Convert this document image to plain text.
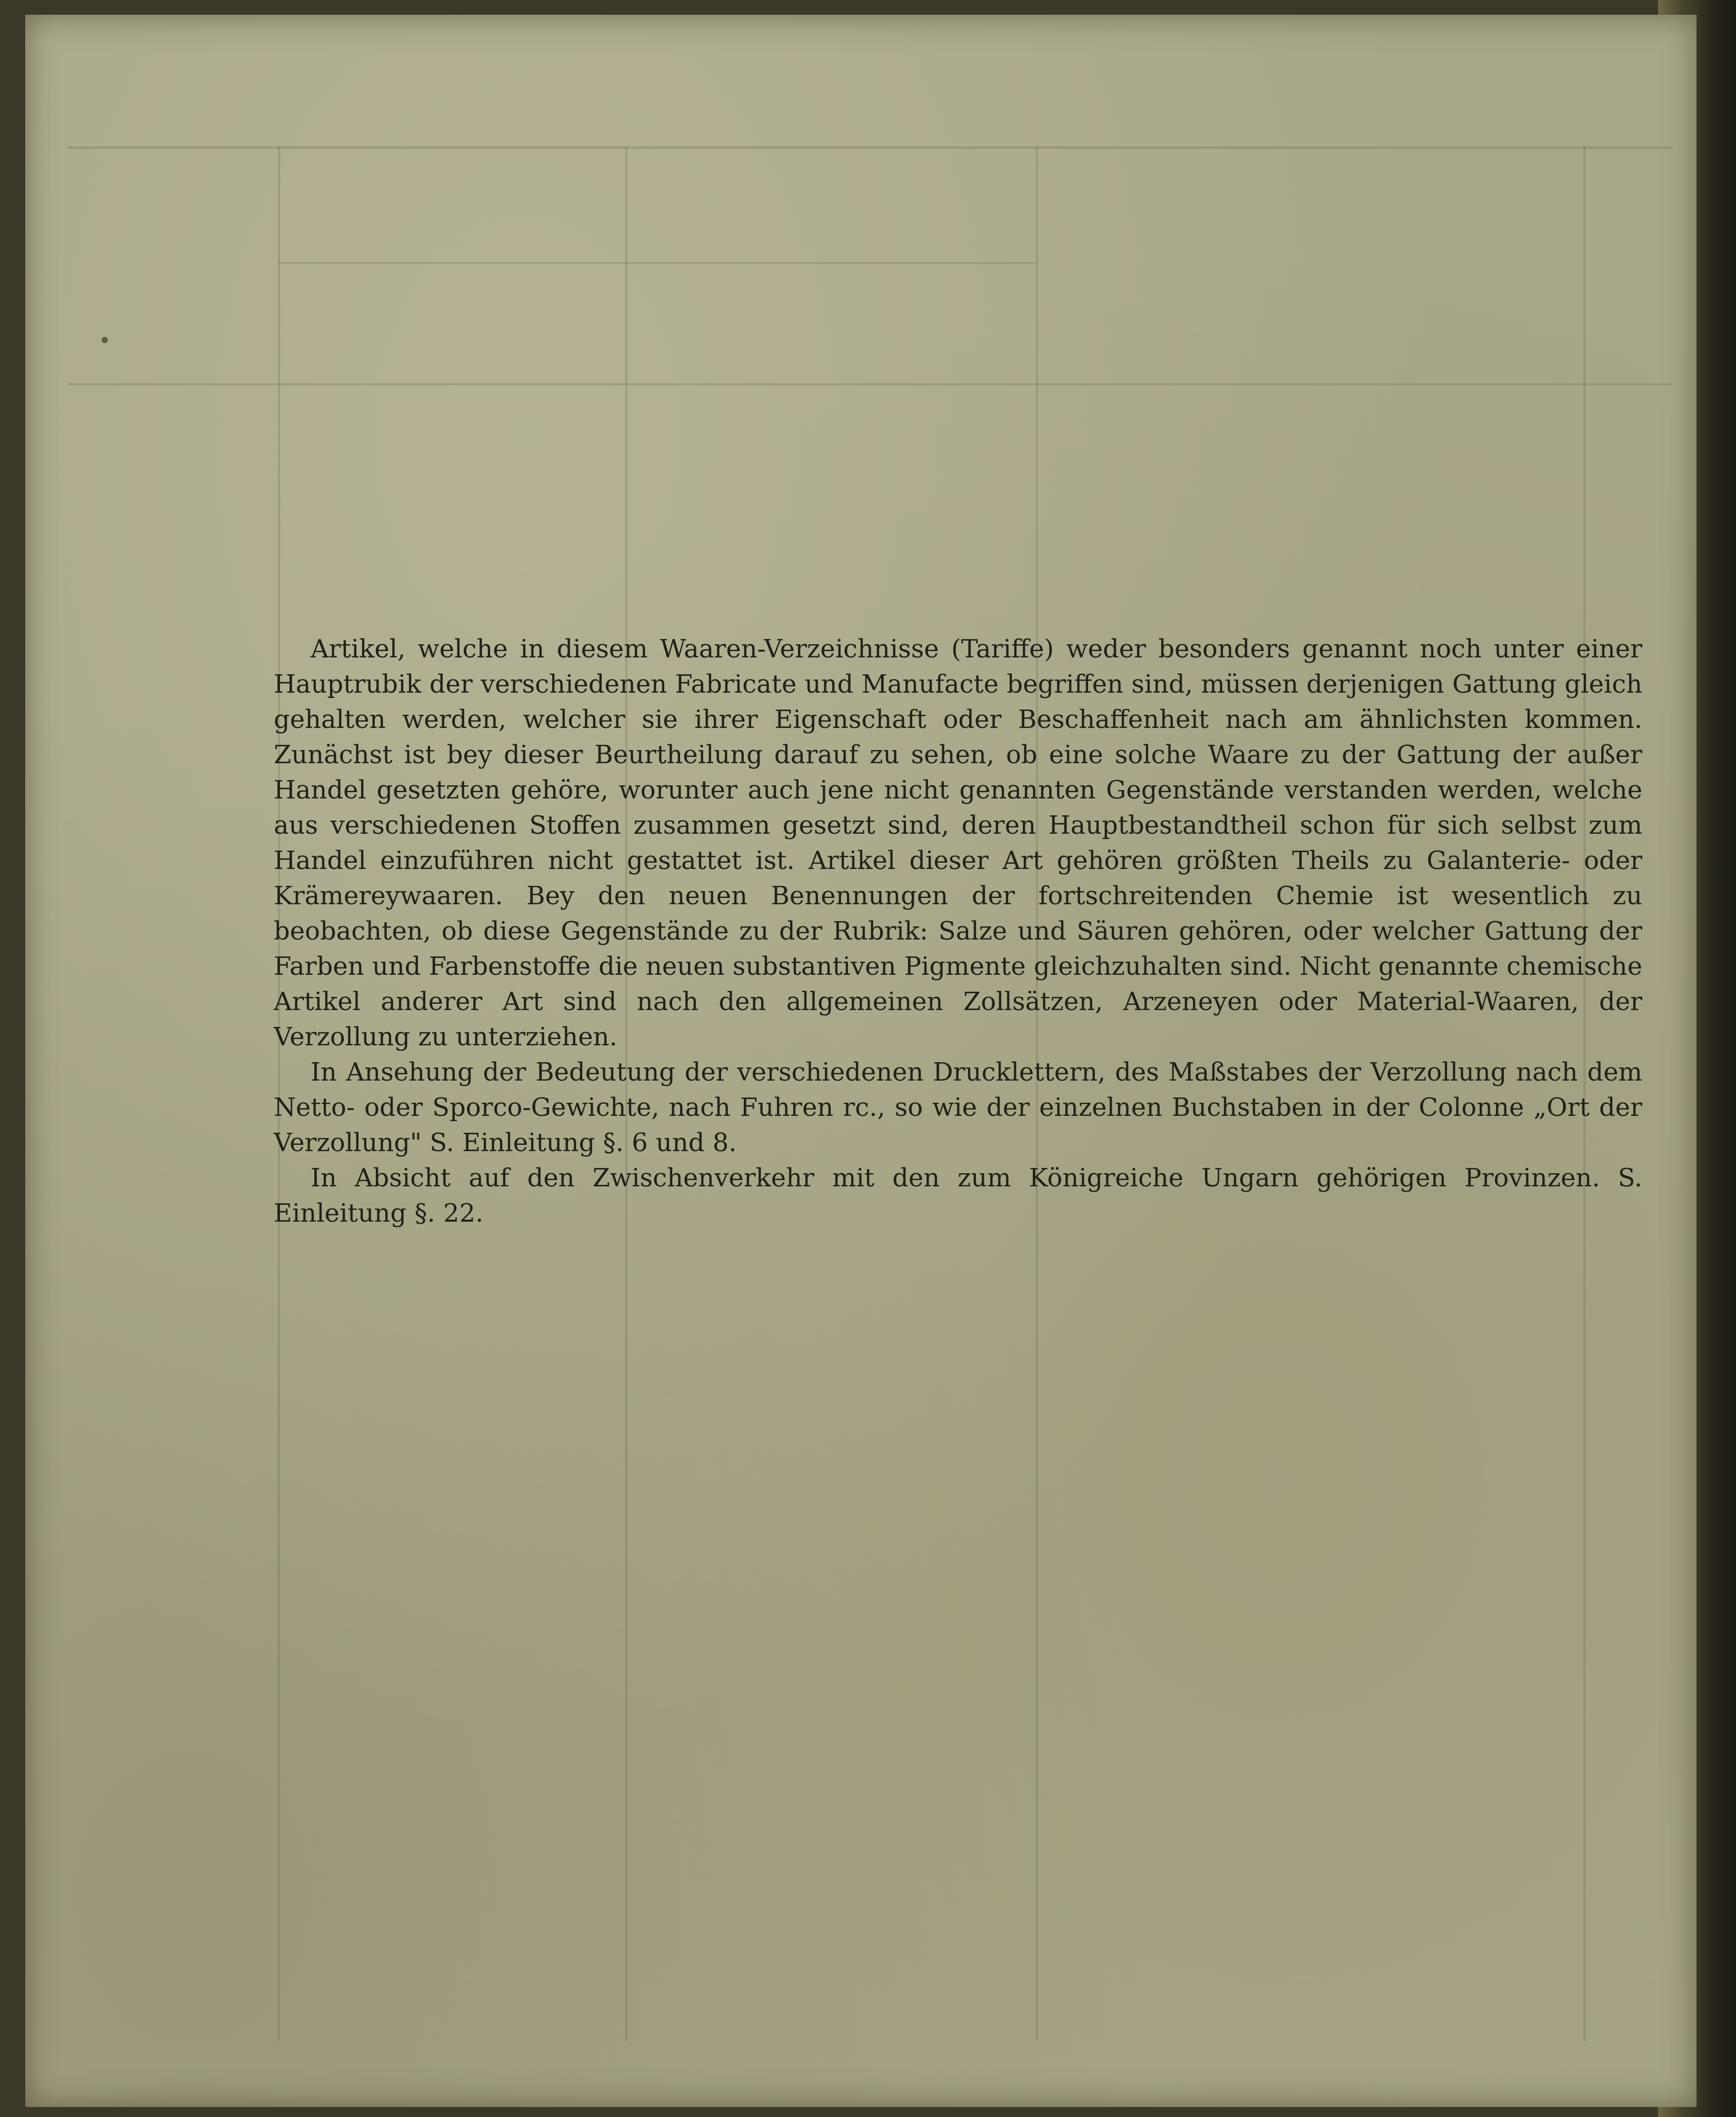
Artikel, welche in diesem Waaren-Verzeichnisse (Tariffe) weder besonders genannt noch unter einer Hauptrubik der verschiedenen Fabricate und Manufacte begriffen sind, müssen derjenigen Gattung gleich gehalten werden, welcher sie ihrer Eigenschaft oder Beschaffenheit nach am ähnlichsten kommen. Zunächst ist bey dieser Beurtheilung darauf zu sehen, ob eine solche Waare zu der Gattung der außer Handel gesetzten gehöre, worunter auch jene nicht genannten Gegenstände verstanden werden, welche aus verschiedenen Stoffen zusammen gesetzt sind, deren Hauptbestandtheil schon für sich selbst zum Handel einzuführen nicht gestattet ist. Artikel dieser Art gehören größten Theils zu Galanterie- oder Krämereywaaren. Bey den neuen Benennungen der fortschreitenden Chemie ist wesentlich zu beobachten, ob diese Gegenstände zu der Rubrik: Salze und Säuren gehören, oder welcher Gattung der Farben und Farbenstoffe die neuen substantiven Pigmente gleichzuhalten sind. Nicht genannte chemische Artikel anderer Art sind nach den allgemeinen Zollsätzen, Arzeneyen oder Material-Waaren, der Verzollung zu unterziehen.

In Ansehung der Bedeutung der verschiedenen Drucklettern, des Maßstabes der Verzollung nach dem Netto- oder Sporco-Gewichte, nach Fuhren rc., so wie der einzelnen Buchstaben in der Colonne „Ort der Verzollung" S. Einleitung §. 6 und 8.

In Absicht auf den Zwischenverkehr mit den zum Königreiche Ungarn gehörigen Provinzen. S. Einleitung §. 22.
